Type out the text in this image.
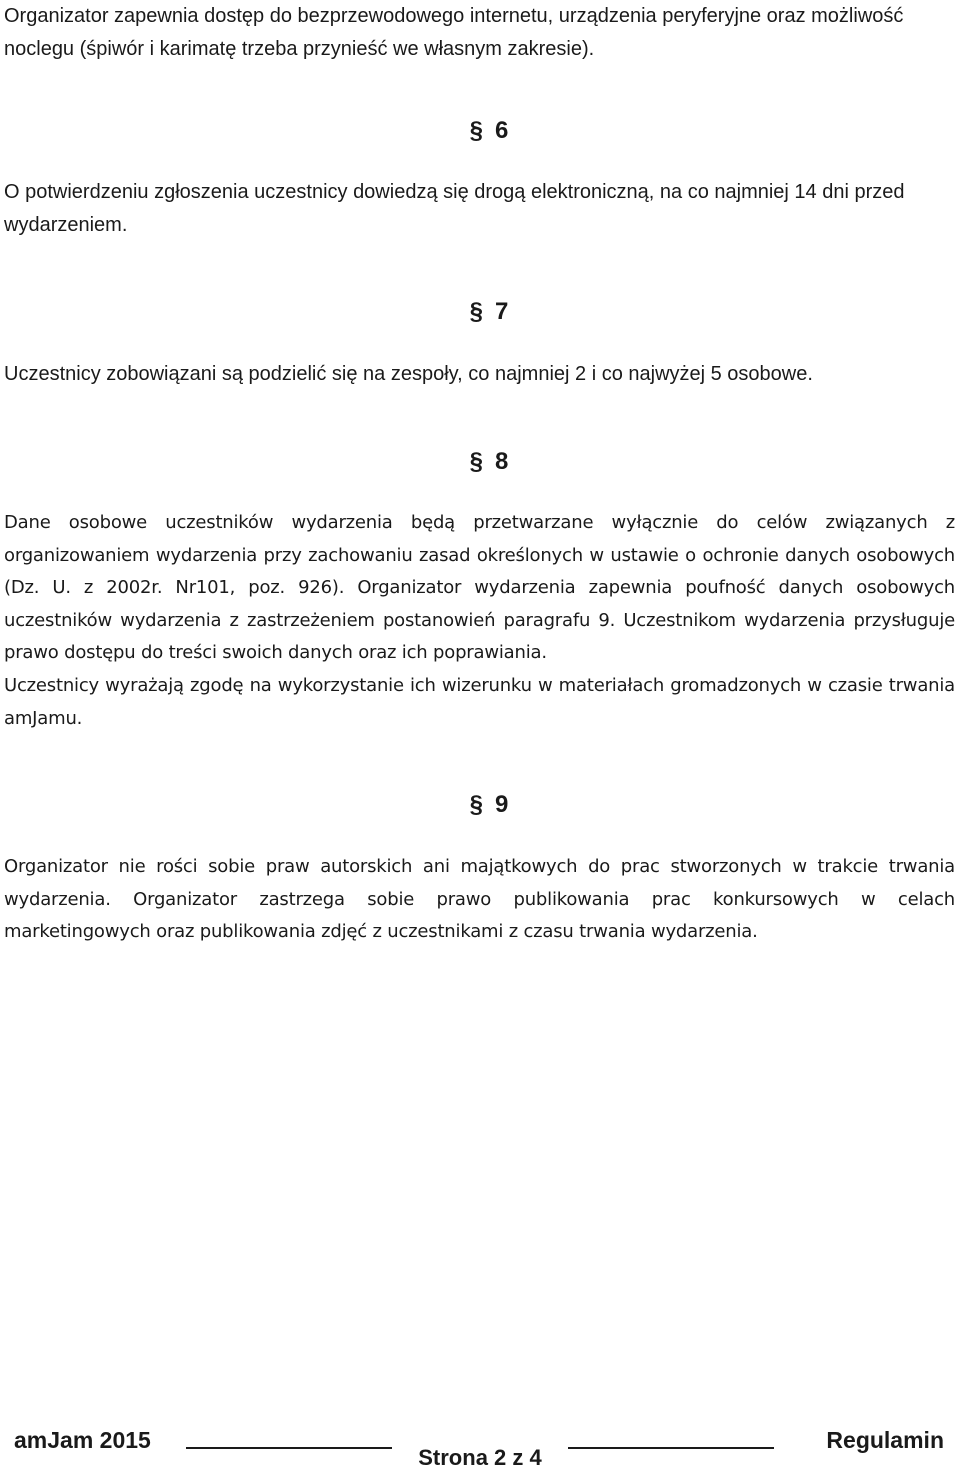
Organizator zapewnia dostęp do bezprzewodowego internetu, urządzenia peryferyjne oraz możliwość noclegu (śpiwór i karimatę trzeba przynieść we własnym zakresie).

§ 6

O potwierdzeniu zgłoszenia uczestnicy dowiedzą się drogą elektroniczną, na co najmniej 14 dni przed wydarzeniem.

§ 7

Uczestnicy zobowiązani są podzielić się na zespoły, co najmniej 2 i co najwyżej 5 osobowe.

§ 8

Dane osobowe uczestników wydarzenia będą przetwarzane wyłącznie do celów związanych z organizowaniem wydarzenia przy zachowaniu zasad określonych w ustawie o ochronie danych osobowych (Dz. U. z 2002r. Nr101, poz. 926). Organizator wydarzenia zapewnia poufność danych osobowych uczestników wydarzenia z zastrzeżeniem postanowień paragrafu 9. Uczestnikom wydarzenia przysługuje prawo dostępu do treści swoich danych oraz ich poprawiania.

Uczestnicy wyrażają zgodę na wykorzystanie ich wizerunku w materiałach gromadzonych w czasie trwania amJamu.

§ 9

Organizator nie rości sobie praw autorskich ani majątkowych do prac stworzonych w trakcie trwania wydarzenia. Organizator zastrzega sobie prawo publikowania prac konkursowych w celach marketingowych oraz publikowania zdjęć z uczestnikami z czasu trwania wydarzenia.

amJam 2015
Strona 2 z 4
Regulamin
